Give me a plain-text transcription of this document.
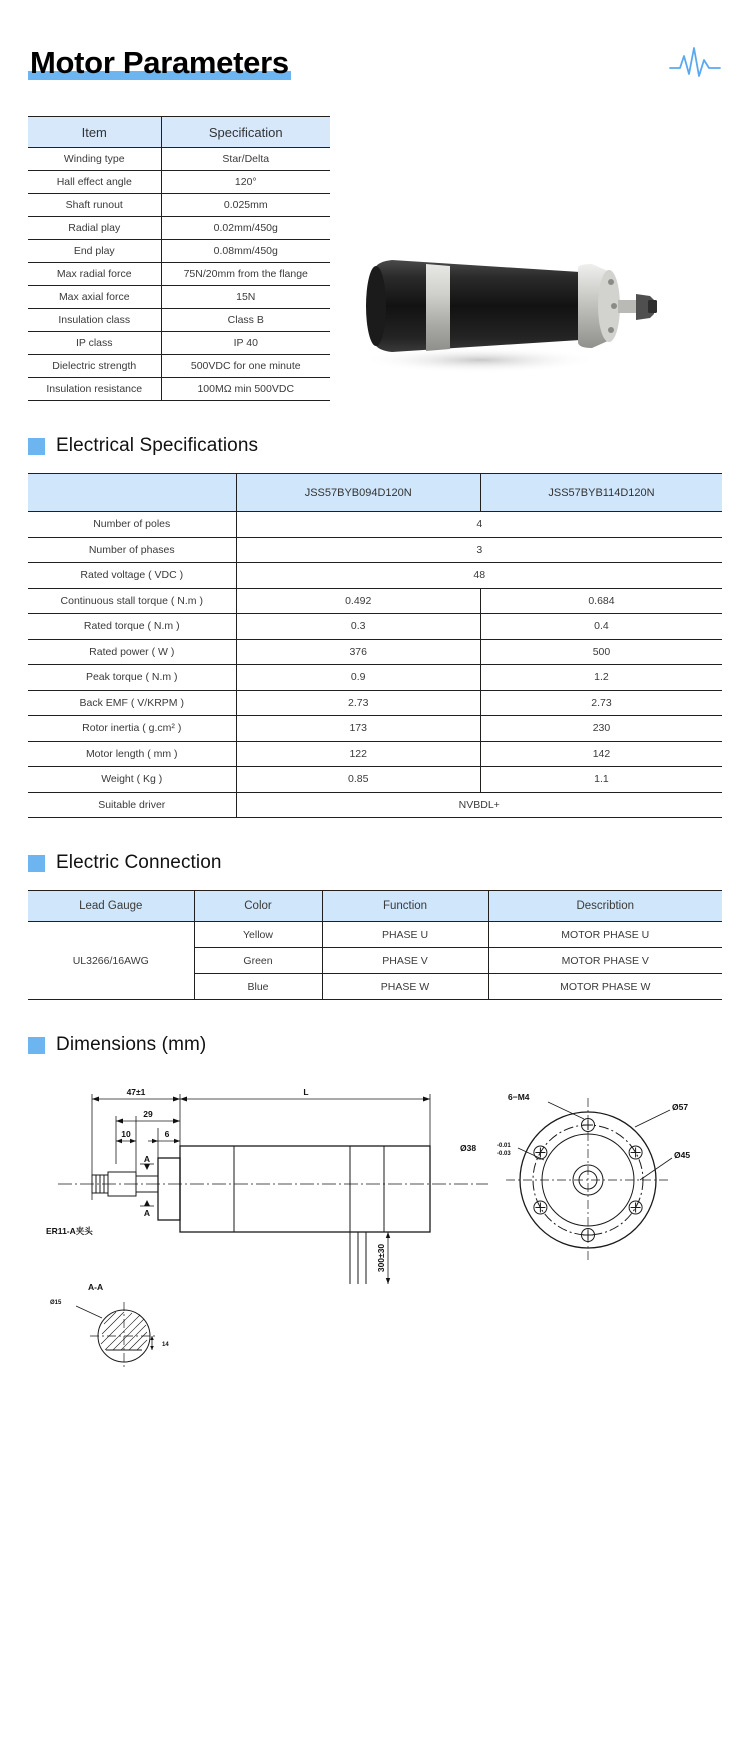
Motor Parameters
Item	Specification
Winding type	Star/Delta
Hall effect angle	120°
Shaft runout	0.025mm
Radial play	0.02mm/450g
End play	0.08mm/450g
Max radial force	75N/20mm from the flange
Max axial force	15N
Insulation class	Class B
IP class	IP 40
Dielectric strength	500VDC for one minute
Insulation resistance	100MΩ min 500VDC
Electrical Specifications
	JSS57BYB094D120N	JSS57BYB114D120N
Number of poles	4	
Number of phases	3	
Rated voltage ( VDC )	48	
Continuous stall torque ( N.m )	0.492	0.684
Rated torque ( N.m )	0.3	0.4
Rated power ( W )	376	500
Peak torque ( N.m )	0.9	1.2
Back EMF ( V/KRPM )	2.73	2.73
Rotor inertia ( g.cm² )	173	230
Motor length ( mm )	122	142
Weight ( Kg )	0.85	1.1
Suitable driver	NVBDL+	
Electric Connection
Lead Gauge	Color	Function	Describtion
UL3266/16AWG	Yellow	PHASE U	MOTOR PHASE U
	Green	PHASE V	MOTOR PHASE V
	Blue	PHASE W	MOTOR PHASE W
Dimensions (mm)
47±1
29
10	6
L
A
A
ER11-A夹头
300±30
A-A
Ø15
14
6−M4
Ø57
Ø45
Ø38	-0.01
-0.03
